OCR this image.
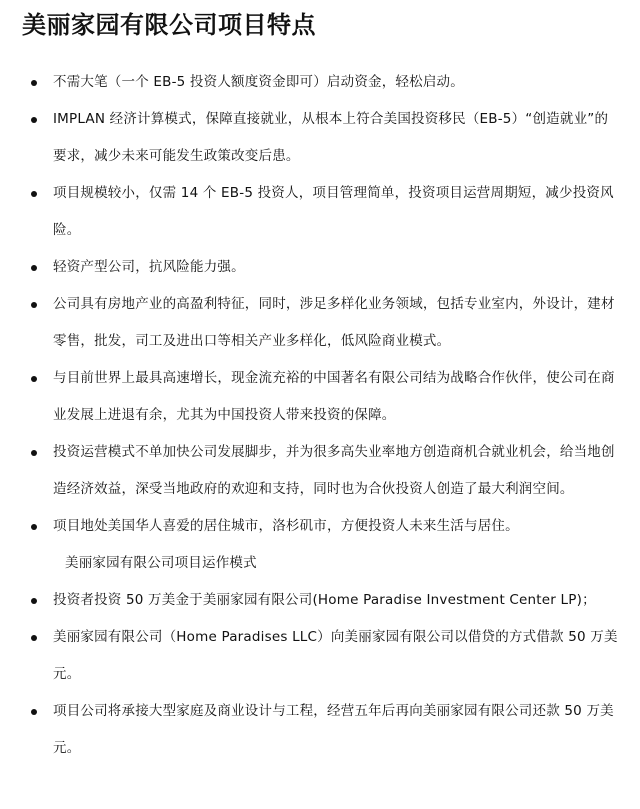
美丽家园有限公司项目特点
不需大笔（一个 EB-5 投资人额度资金即可）启动资金，轻松启动。
IMPLAN 经济计算模式，保障直接就业，从根本上符合美国投资移民（EB-5）“创造就业”的要求，减少未来可能发生政策改变后患。
项目规模较小，仅需 14 个 EB-5 投资人，项目管理简单，投资项目运营周期短，减少投资风险。
轻资产型公司，抗风险能力强。
公司具有房地产业的高盈利特征，同时，涉足多样化业务领域，包括专业室内，外设计，建材零售，批发，司工及进出口等相关产业多样化，低风险商业模式。
与目前世界上最具高速增长，现金流充裕的中国著名有限公司结为战略合作伙伴，使公司在商业发展上进退有余，尤其为中国投资人带来投资的保障。
投资运营模式不单加快公司发展脚步，并为很多高失业率地方创造商机合就业机会，给当地创造经济效益，深受当地政府的欢迎和支持，同时也为合伙投资人创造了最大利润空间。
项目地处美国华人喜爱的居住城市，洛杉矶市，方便投资人未来生活与居住。
美丽家园有限公司项目运作模式
投资者投资 50 万美金于美丽家园有限公司(Home Paradise Investment Center LP)；
美丽家园有限公司（Home Paradises LLC）向美丽家园有限公司以借贷的方式借款 50 万美元。
项目公司将承接大型家庭及商业设计与工程，经营五年后再向美丽家园有限公司还款 50 万美元。
